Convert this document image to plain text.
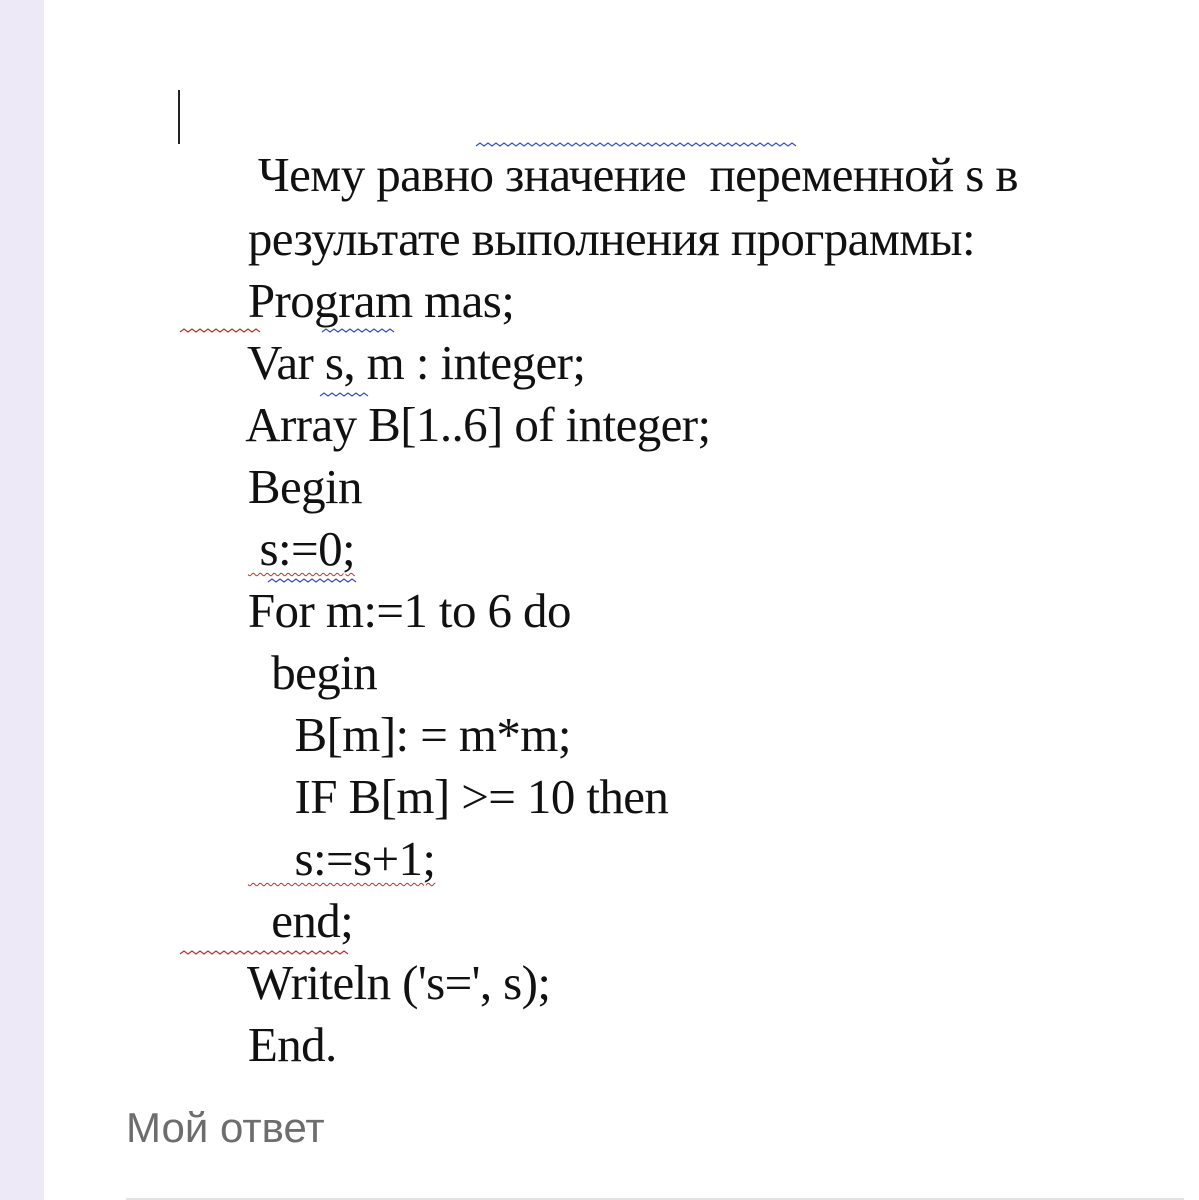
Чему равно значение  переменной s в

результате выполнения программы:

Program mas;

Var s, m : integer;

Array B[1..6] of integer;

Begin

s:=0;

For m:=1 to 6 do

begin

B[m]: = m*m;

IF B[m] >= 10 then

s:=s+1;

end;

Writeln ('s=', s);

End.

Мой ответ
